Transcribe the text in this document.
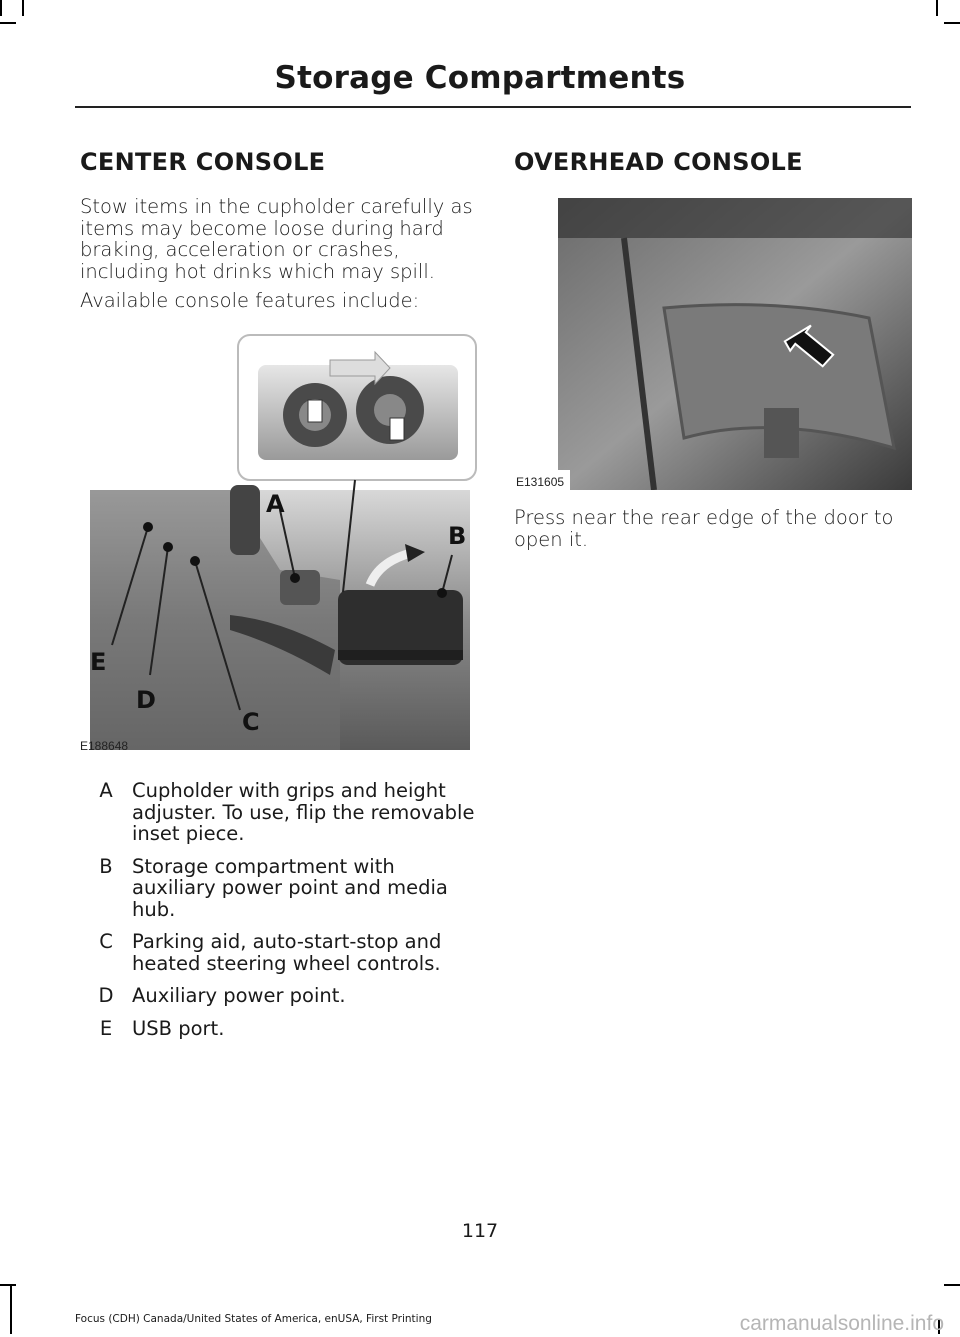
Storage Compartments
CENTER CONSOLE
Stow items in the cupholder carefully as items may become loose during hard braking, acceleration or crashes, including hot drinks which may spill.
Available console features include:
A
B
C
D
E
E188648
A Cupholder with grips and height adjuster. To use, flip the removable inset piece.
B Storage compartment with auxiliary power point and media hub.
C Parking aid, auto-start-stop and heated steering wheel controls.
D Auxiliary power point.
E	USB port.
OVERHEAD CONSOLE
E131605
Press near the rear edge of the door to open it.
117
Focus (CDH) Canada/United States of America, enUSA, First Printing	carmanualsonline.info
